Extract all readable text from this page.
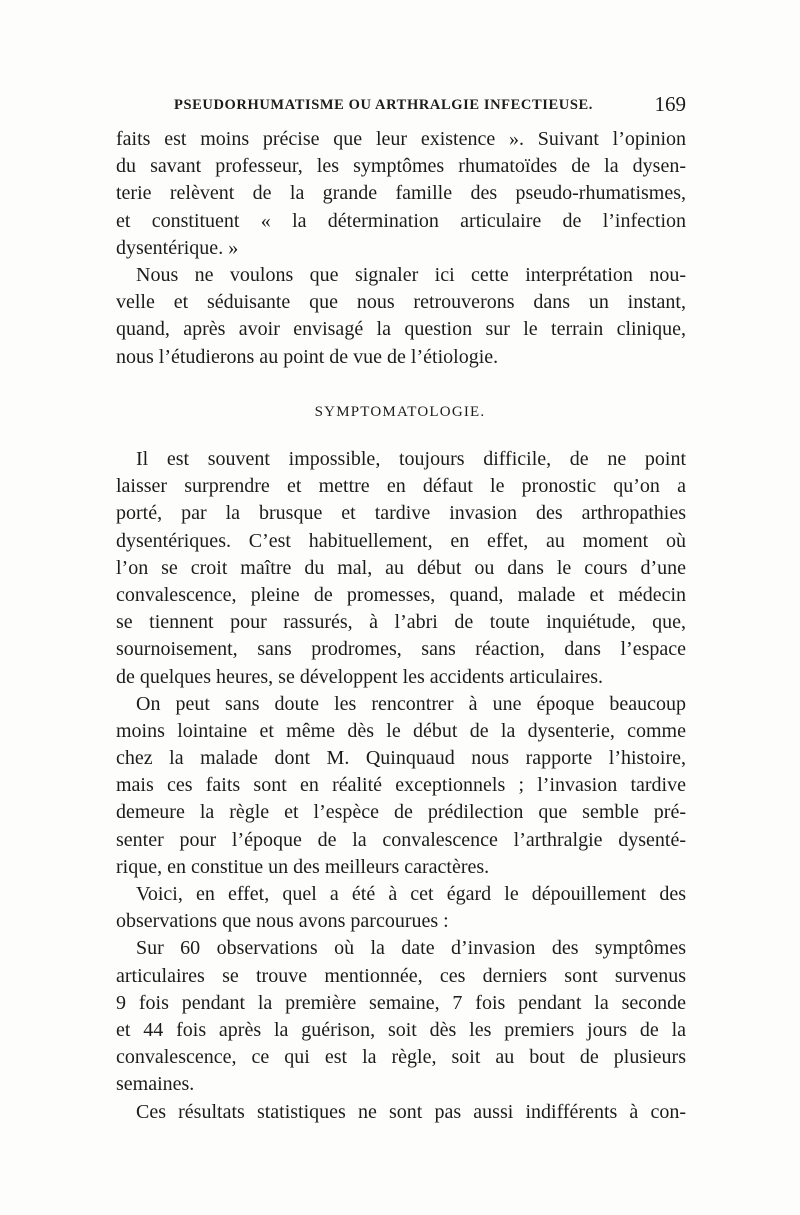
PSEUDORHUMATISME OU ARTHRALGIE INFECTIEUSE.	169
faits est moins précise que leur existence ». Suivant l’opinion
du savant professeur, les symptômes rhumatoïdes de la dysen-
terie relèvent de la grande famille des pseudo-rhumatismes,
et constituent « la détermination articulaire de l’infection
dysentérique. »
Nous ne voulons que signaler ici cette interprétation nou-
velle et séduisante que nous retrouverons dans un instant,
quand, après avoir envisagé la question sur le terrain clinique,
nous l’étudierons au point de vue de l’étiologie.
SYMPTOMATOLOGIE.
Il est souvent impossible, toujours difficile, de ne point
laisser surprendre et mettre en défaut le pronostic qu’on a
porté, par la brusque et tardive invasion des arthropathies
dysentériques. C’est habituellement, en effet, au moment où
l’on se croit maître du mal, au début ou dans le cours d’une
convalescence, pleine de promesses, quand, malade et médecin
se tiennent pour rassurés, à l’abri de toute inquiétude, que,
sournoisement, sans prodromes, sans réaction, dans l’espace
de quelques heures, se développent les accidents articulaires.
On peut sans doute les rencontrer à une époque beaucoup
moins lointaine et même dès le début de la dysenterie, comme
chez la malade dont M. Quinquaud nous rapporte l’histoire,
mais ces faits sont en réalité exceptionnels ; l’invasion tardive
demeure la règle et l’espèce de prédilection que semble pré-
senter pour l’époque de la convalescence l’arthralgie dysenté-
rique, en constitue un des meilleurs caractères.
Voici, en effet, quel a été à cet égard le dépouillement des
observations que nous avons parcourues :
Sur 60 observations où la date d’invasion des symptômes
articulaires se trouve mentionnée, ces derniers sont survenus
9 fois pendant la première semaine, 7 fois pendant la seconde
et 44 fois après la guérison, soit dès les premiers jours de la
convalescence, ce qui est la règle, soit au bout de plusieurs
semaines.
Ces résultats statistiques ne sont pas aussi indifférents à con-
